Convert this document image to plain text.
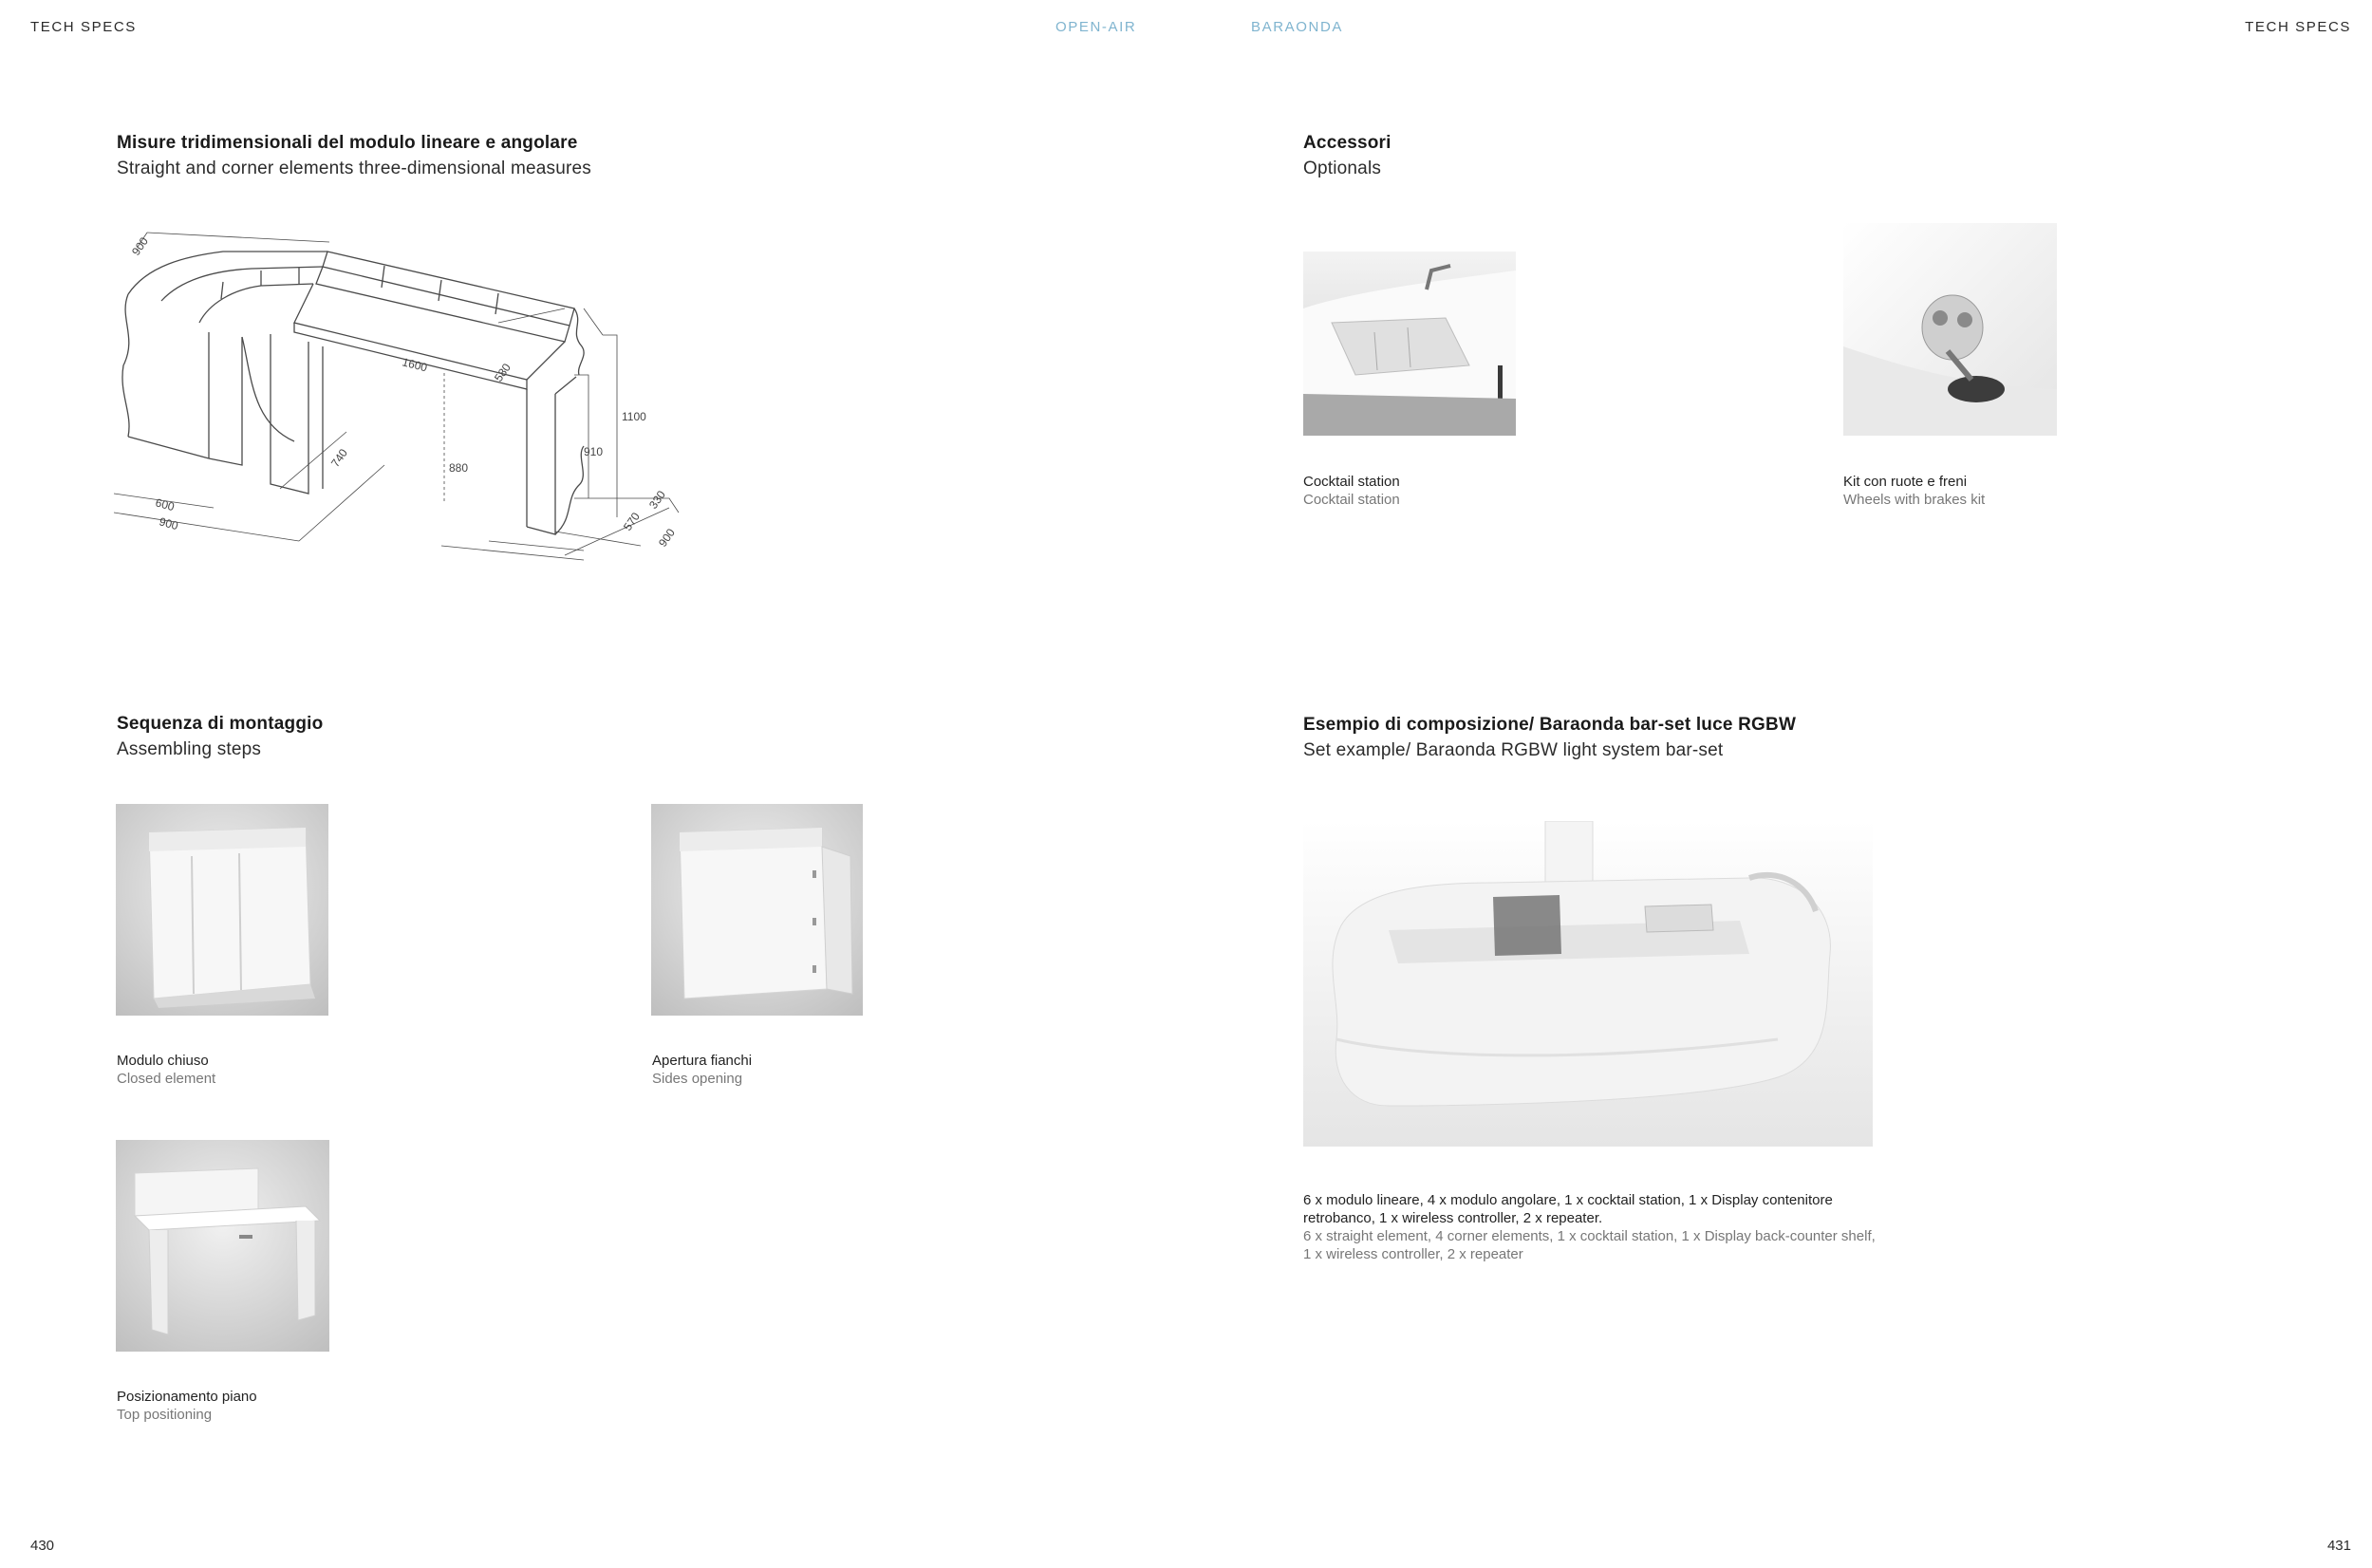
TECH SPECS	OPEN-AIR	BARAONDA	TECH SPECS
Misure tridimensionali del modulo lineare e angolare
Straight and corner elements three-dimensional measures
900
1600	580
1100
910
880
740
600
900
330
570
900
Accessori
Optionals
Cocktail station
Cocktail station
Kit con ruote e freni
Wheels with brakes kit
Sequenza di montaggio
Assembling steps
Modulo chiuso
Closed element
Apertura fianchi
Sides opening
Posizionamento piano
Top positioning
Esempio di composizione/ Baraonda bar-set luce RGBW
Set example/ Baraonda RGBW light system bar-set
6 x modulo lineare, 4 x modulo angolare, 1 x cocktail station, 1 x Display contenitore
retrobanco, 1 x wireless controller, 2 x repeater.
6 x straight element, 4 corner elements, 1 x cocktail station, 1 x Display back-counter shelf,
1 x wireless controller, 2 x repeater
430	431
